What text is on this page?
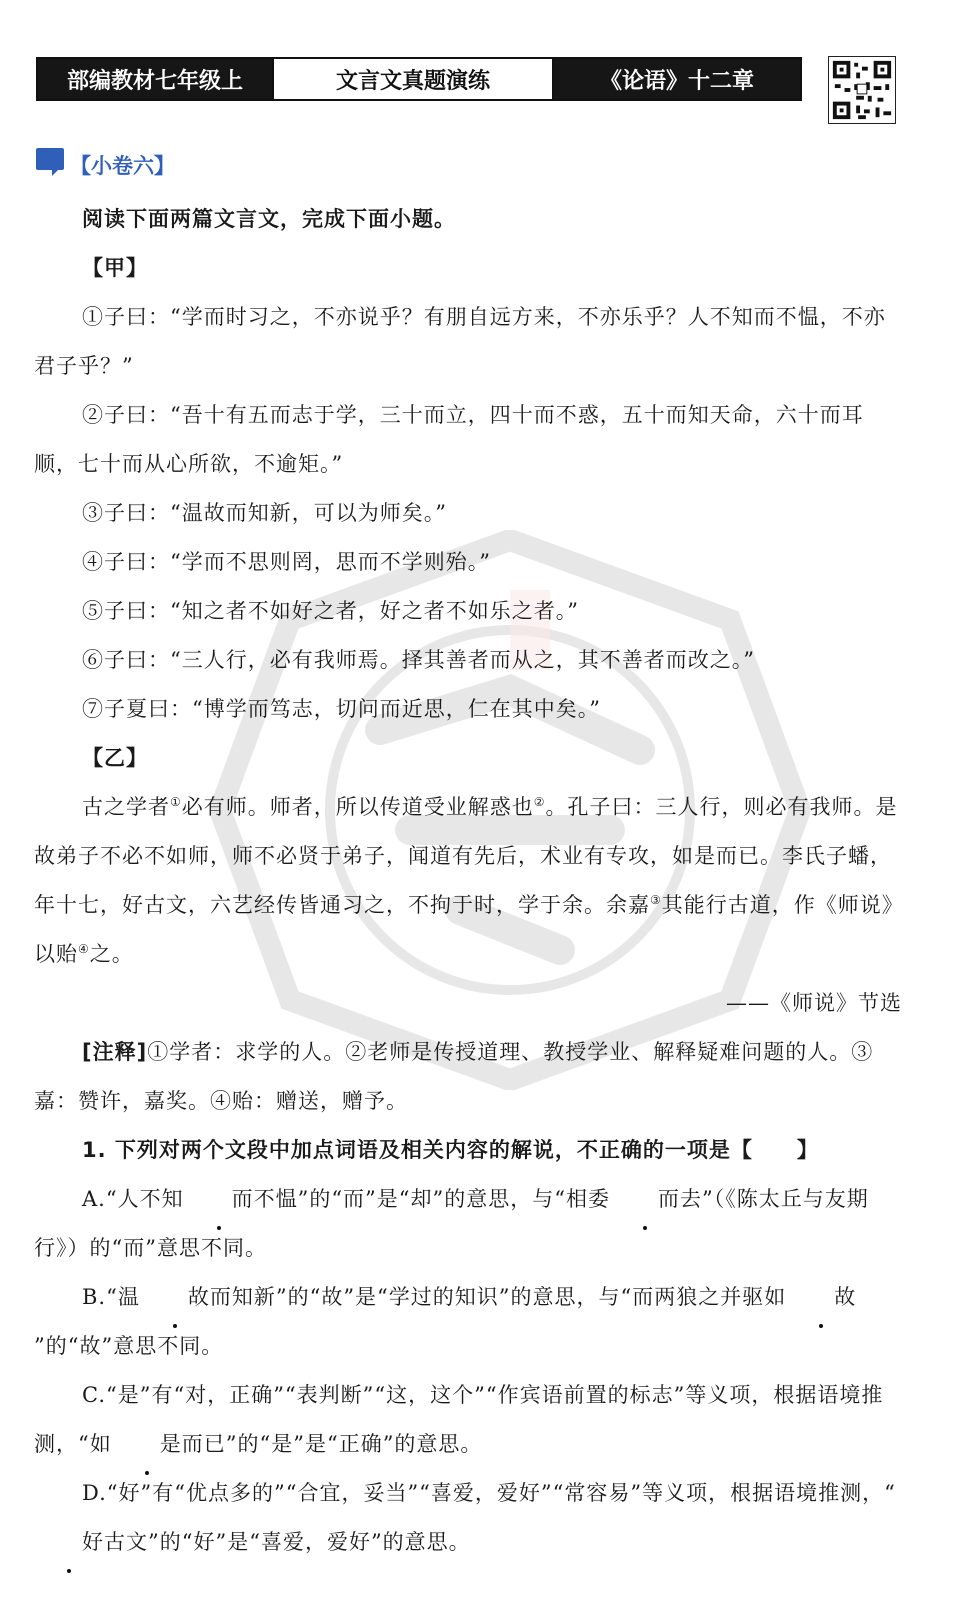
部编教材七年级上	文言文真题演练	《论语》十二章
【小卷六】

阅读下面两篇文言文，完成下面小题。

【甲】

①子曰：“学而时习之，不亦说乎？有朋自远方来，不亦乐乎？人不知而不愠，不亦君子乎？”

②子曰：“吾十有五而志于学，三十而立，四十而不惑，五十而知天命，六十而耳顺，七十而从心所欲，不逾矩。”

③子曰：“温故而知新，可以为师矣。”

④子曰：“学而不思则罔，思而不学则殆。”

⑤子曰：“知之者不如好之者，好之者不如乐之者。”

⑥子曰：“三人行，必有我师焉。择其善者而从之，其不善者而改之。”

⑦子夏曰：“博学而笃志，切问而近思，仁在其中矣。”

【乙】

古之学者①必有师。师者，所以传道受业解惑也②。孔子曰：三人行，则必有我师。是故弟子不必不如师，师不必贤于弟子，闻道有先后，术业有专攻，如是而已。李氏子蟠，年十七，好古文，六艺经传皆通习之，不拘于时，学于余。余嘉③其能行古道，作《师说》以贻④之。

——《师说》节选

[注释]①学者：求学的人。②老师是传授道理、教授学业、解释疑难问题的人。③嘉：赞许，嘉奖。④贻：赠送，赠予。

1. 下列对两个文段中加点词语及相关内容的解说，不正确的一项是【　　】

A.“人不知 而不愠”的“而”是“却”的意思，与“相委 而去”（《陈太丘与友期行》）的“而”意思不同。

B.“温 故而知新”的“故”是“学过的知识”的意思，与“而两狼之并驱如 故”的“故”意思不同。

C.“是”有“对，正确”“表判断”“这，这个”“作宾语前置的标志”等义项，根据语境推测，“如 是而已”的“是”是“正确”的意思。

D.“好”有“优点多的”“合宜，妥当”“喜爱，爱好”“常容易”等义项，根据语境推测，“好古文”的“好”是“喜爱，爱好”的意思。
